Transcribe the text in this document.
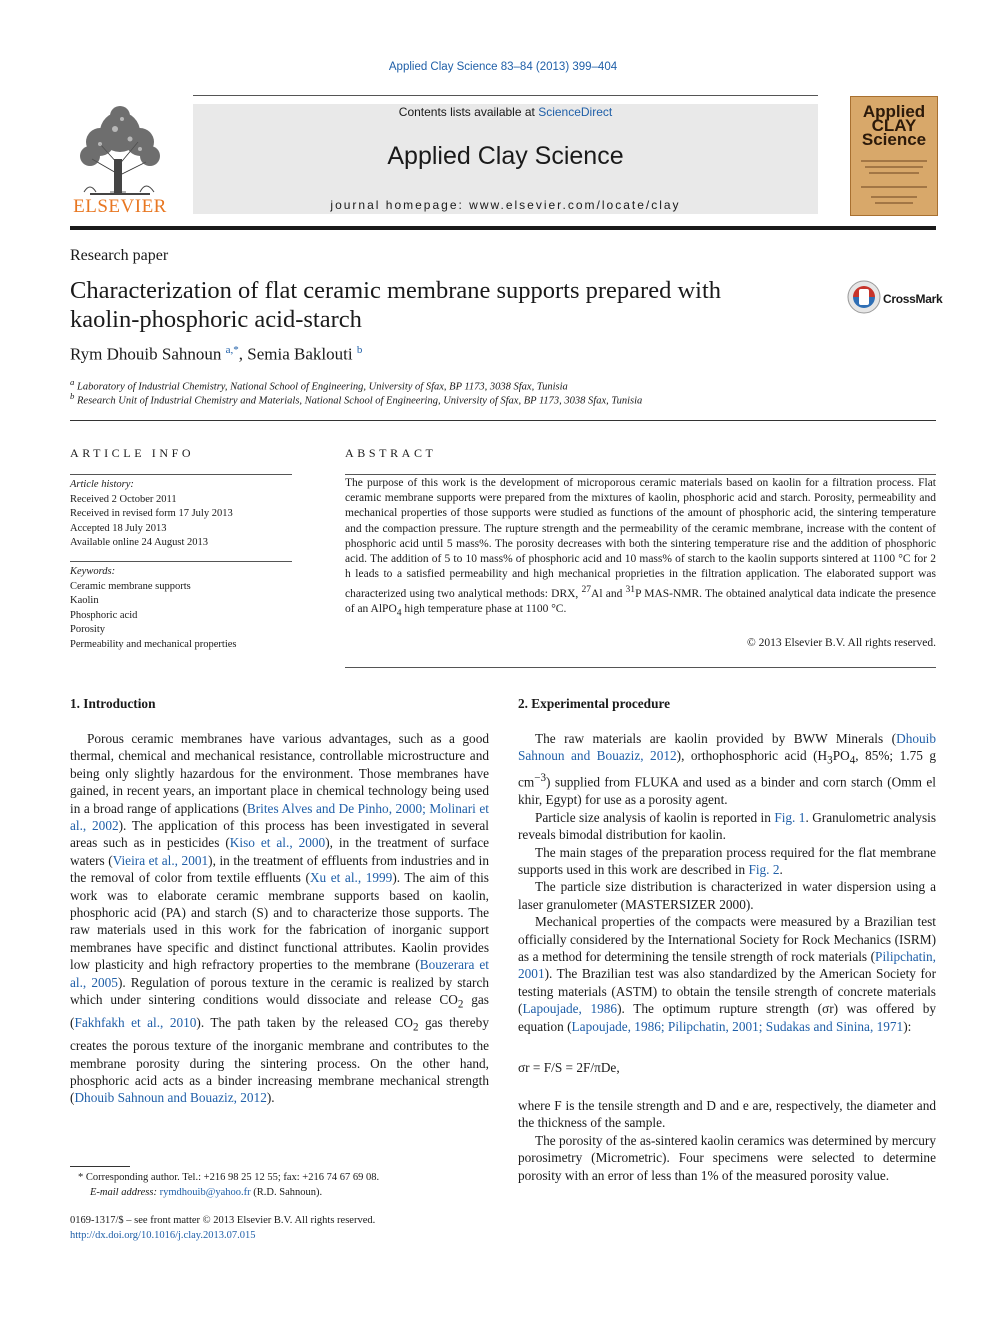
Applied Clay Science 83–84 (2013) 399–404
Contents lists available at ScienceDirect
Applied Clay Science
journal homepage: www.elsevier.com/locate/clay
ELSEVIER
Applied CLAY Science
Research paper
Characterization of flat ceramic membrane supports prepared with
kaolin-phosphoric acid-starch
CrossMark
Rym Dhouib Sahnoun $^{a,*}$, Semia Baklouti $^b$
$^a$ Laboratory of Industrial Chemistry, National School of Engineering, University of Sfax, BP 1173, 3038 Sfax, Tunisia
$^b$ Research Unit of Industrial Chemistry and Materials, National School of Engineering, University of Sfax, BP 1173, 3038 Sfax, Tunisia
ARTICLE INFO	ABSTRACT
Article history:
Received 2 October 2011
Received in revised form 17 July 2013
Accepted 18 July 2013
Available online 24 August 2013
Keywords:
Ceramic membrane supports
Kaolin
Phosphoric acid
Porosity
Permeability and mechanical properties
The purpose of this work is the development of microporous ceramic materials based on kaolin for a filtration process. Flat ceramic membrane supports were prepared from the mixtures of kaolin, phosphoric acid and starch. Porosity, permeability and mechanical properties of those supports were studied as functions of the amount of phosphoric acid, the sintering temperature and the compaction pressure. The rupture strength and the permeability of the ceramic membrane, increase with the content of phosphoric acid until 5 mass%. The porosity decreases with both the sintering temperature rise and the addition of phosphoric acid. The addition of 5 to 10 mass% of phosphoric acid and 10 mass% of starch to the kaolin supports sintered at 1100 °C for 2 h leads to a satisfied permeability and high mechanical proprieties in the filtration application. The elaborated support was characterized using two analytical methods: DRX, $^{27}$Al and $^{31}$P MAS-NMR. The obtained analytical data indicate the presence of an AlPO$_4$ high temperature phase at 1100 °C.
© 2013 Elsevier B.V. All rights reserved.
1. Introduction

Porous ceramic membranes have various advantages, such as a good thermal, chemical and mechanical resistance, controllable microstructure and being only slightly hazardous for the environment. Those membranes have gained, in recent years, an important place in chemical technology being used in a broad range of applications (Brites Alves and De Pinho, 2000; Molinari et al., 2002). The application of this process has been investigated in several areas such as in pesticides (Kiso et al., 2000), in the treatment of surface waters (Vieira et al., 2001), in the treatment of effluents from industries and in the removal of color from textile effluents (Xu et al., 1999). The aim of this work was to elaborate ceramic membrane supports based on kaolin, phosphoric acid (PA) and starch (S) and to characterize those supports. The raw materials used in this work for the fabrication of inorganic support membranes have specific and distinct functional attributes. Kaolin provides low plasticity and high refractory properties to the membrane (Bouzerara et al., 2005). Regulation of porous texture in the ceramic is realized by starch which under sintering conditions would dissociate and release $CO_2$ gas (Fakhfakh et al., 2010). The path taken by the released $CO_2$ gas thereby creates the porous texture of the inorganic membrane and contributes to the membrane porosity during the sintering process. On the other hand, phosphoric acid acts as a binder increasing membrane mechanical strength (Dhouib Sahnoun and Bouaziz, 2012).

2. Experimental procedure

The raw materials are kaolin provided by BWW Minerals (Dhouib Sahnoun and Bouaziz, 2012), orthophosphoric acid ($H_3PO_4$, 85%; 1.75 g $cm^{-3}$) supplied from FLUKA and used as a binder and corn starch (Omm el khir, Egypt) for use as a porosity agent.

Particle size analysis of kaolin is reported in Fig. 1. Granulometric analysis reveals bimodal distribution for kaolin.

The main stages of the preparation process required for the flat membrane supports used in this work are described in Fig. 2.

The particle size distribution is characterized in water dispersion using a laser granulometer (MASTERSIZER 2000).

Mechanical properties of the compacts were measured by a Brazilian test officially considered by the International Society for Rock Mechanics (ISRM) as a method for determining the tensile strength of rock materials (Pilipchatin, 2001). The Brazilian test was also standardized by the American Society for testing materials (ASTM) to obtain the tensile strength of concrete materials (Lapoujade, 1986). The optimum rupture strength (σr) was offered by equation (Lapoujade, 1986; Pilipchatin, 2001; Sudakas and Sinina, 1971):

σr = F/S = 2F/πDe,

where F is the tensile strength and D and e are, respectively, the diameter and the thickness of the sample.

The porosity of the as-sintered kaolin ceramics was determined by mercury porosimetry (Micrometric). Four specimens were selected to determine porosity with an error of less than 1% of the measured porosity value.

* Corresponding author. Tel.: +216 98 25 12 55; fax: +216 74 67 69 08.
E-mail address: rymdhouib@yahoo.fr (R.D. Sahnoun).
0169-1317/$ – see front matter © 2013 Elsevier B.V. All rights reserved.
http://dx.doi.org/10.1016/j.clay.2013.07.015
